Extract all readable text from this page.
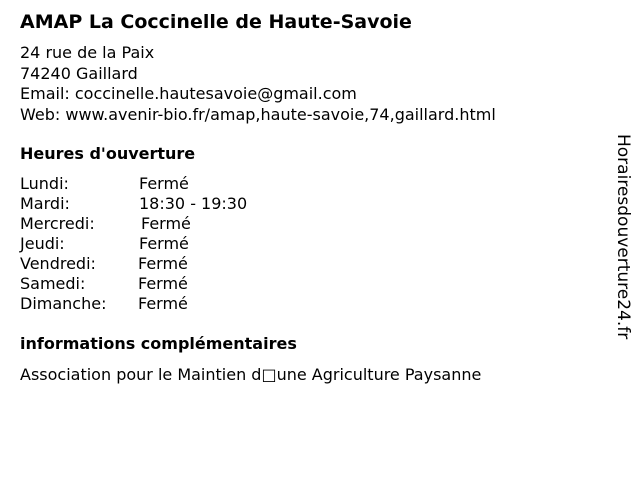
AMAP La Coccinelle de Haute-Savoie
24 rue de la Paix
74240 Gaillard
Email: coccinelle.hautesavoie@gmail.com
Web: www.avenir-bio.fr/amap,haute-savoie,74,gaillard.html
Heures d'ouverture
Lundi:	Fermé
Mardi:	18:30 - 19:30
Mercredi:	Fermé
Jeudi:	Fermé
Vendredi:	Fermé
Samedi:	Fermé
Dimanche:	Fermé
informations complémentaires
Association pour le Maintien d□une Agriculture Paysanne
Horairesdouverture24.fr
